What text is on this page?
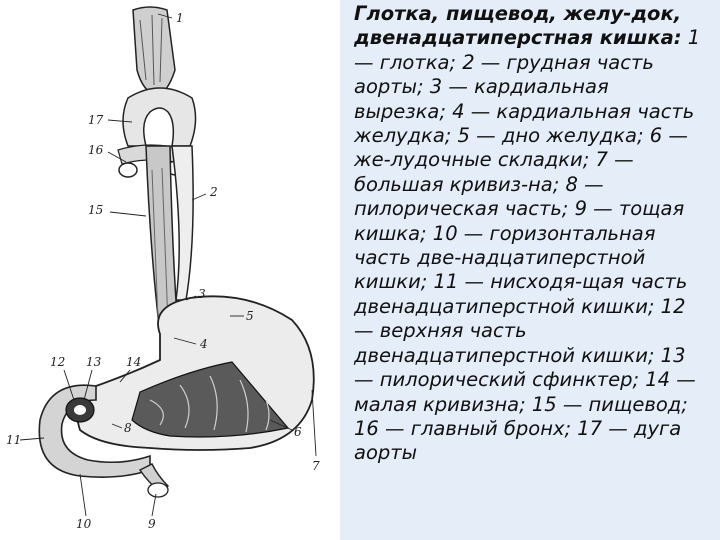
1
2
3
4
5
6
7
8
9
10
11
12 13 14
15
16
17

Глотка, пищевод, желу-док,
двенадцатиперстная кишка: 1
— глотка; 2 — грудная часть
аорты; 3 — кардиальная
вырезка; 4 — кардиальная часть
желудка; 5 — дно желудка; 6 —
же-лудочные складки; 7 —
большая кривиз-на; 8 —
пилорическая часть; 9 — тощая
кишка; 10 — горизонтальная
часть две-надцатиперстной
кишки; 11 — нисходя-щая часть
двенадцатиперстной кишки; 12
— верхняя часть
двенадцатиперстной кишки; 13
— пилорический сфинктер; 14 —
малая кривизна; 15 — пищевод;
16 — главный бронх; 17 — дуга
аорты
